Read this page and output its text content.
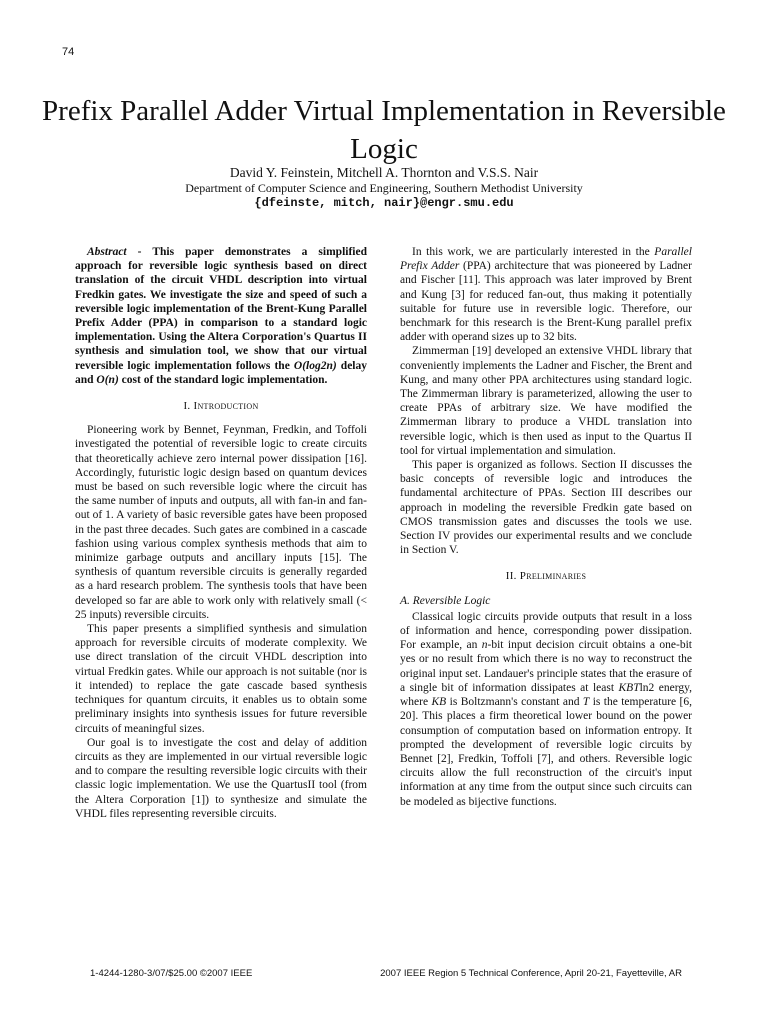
74
Prefix Parallel Adder Virtual Implementation in Reversible Logic
David Y. Feinstein, Mitchell A. Thornton and V.S.S. Nair
Department of Computer Science and Engineering, Southern Methodist University
{dfeinste, mitch, nair}@engr.smu.edu

Abstract - This paper demonstrates a simplified approach for reversible logic synthesis based on direct translation of the circuit VHDL description into virtual Fredkin gates. We investigate the size and speed of such a reversible logic implementation of the Brent-Kung Parallel Prefix Adder (PPA) in comparison to a standard logic implementation. Using the Altera Corporation's Quartus II synthesis and simulation tool, we show that our virtual reversible logic implementation follows the O(log2n) delay and O(n) cost of the standard logic implementation.

I. Introduction

Pioneering work by Bennet, Feynman, Fredkin, and Toffoli investigated the potential of reversible logic to create circuits that theoretically achieve zero internal power dissipation [16]. Accordingly, futuristic logic design based on quantum devices must be based on such reversible logic where the circuit has the same number of inputs and outputs, all with fan-in and fan-out of 1. A variety of basic reversible gates have been proposed in the past three decades. Such gates are combined in a cascade fashion using various complex synthesis methods that aim to minimize garbage outputs and ancillary inputs [15]. The synthesis of quantum reversible circuits is generally regarded as a hard research problem. The synthesis tools that have been developed so far are able to work only with relatively small (< 25 inputs) reversible circuits.

This paper presents a simplified synthesis and simulation approach for reversible circuits of moderate complexity. We use direct translation of the circuit VHDL description into virtual Fredkin gates. While our approach is not suitable (nor is it intended) to replace the gate cascade based synthesis techniques for quantum circuits, it enables us to obtain some preliminary insights into synthesis issues for future reversible circuits of meaningful sizes.

Our goal is to investigate the cost and delay of addition circuits as they are implemented in our virtual reversible logic and to compare the resulting reversible logic circuits with their classic logic implementation. We use the QuartusII tool (from the Altera Corporation [1]) to synthesize and simulate the VHDL files representing reversible circuits.

In this work, we are particularly interested in the Parallel Prefix Adder (PPA) architecture that was pioneered by Ladner and Fischer [11]. This approach was later improved by Brent and Kung [3] for reduced fan-out, thus making it potentially suitable for future use in reversible logic. Therefore, our benchmark for this research is the Brent-Kung parallel prefix adder with operand sizes up to 32 bits.

Zimmerman [19] developed an extensive VHDL library that conveniently implements the Ladner and Fischer, the Brent and Kung, and many other PPA architectures using standard logic. The Zimmerman library is parameterized, allowing the user to create PPAs of arbitrary size. We have modified the Zimmerman library to produce a VHDL translation into reversible logic, which is then used as input to the Quartus II tool for virtual implementation and simulation.

This paper is organized as follows. Section II discusses the basic concepts of reversible logic and introduces the fundamental architecture of PPAs. Section III describes our approach in modeling the reversible Fredkin gate based on CMOS transmission gates and discusses the tools we use. Section IV provides our experimental results and we conclude in Section V.

II. Preliminaries
A. Reversible Logic

Classical logic circuits provide outputs that result in a loss of information and hence, corresponding power dissipation. For example, an n-bit input decision circuit obtains a one-bit yes or no result from which there is no way to reconstruct the original input set. Landauer's principle states that the erasure of a single bit of information dissipates at least KBTln2 energy, where KB is Boltzmann's constant and T is the temperature [6, 20]. This places a firm theoretical lower bound on the power consumption of computation based on information entropy. It prompted the development of reversible logic circuits by Bennet [2], Fredkin, Toffoli [7], and others. Reversible logic circuits allow the full reconstruction of the circuit's input information at any time from the output since such circuits can be modeled as bijective functions.

1-4244-1280-3/07/$25.00 ©2007 IEEE	2007 IEEE Region 5 Technical Conference, April 20-21, Fayetteville, AR
